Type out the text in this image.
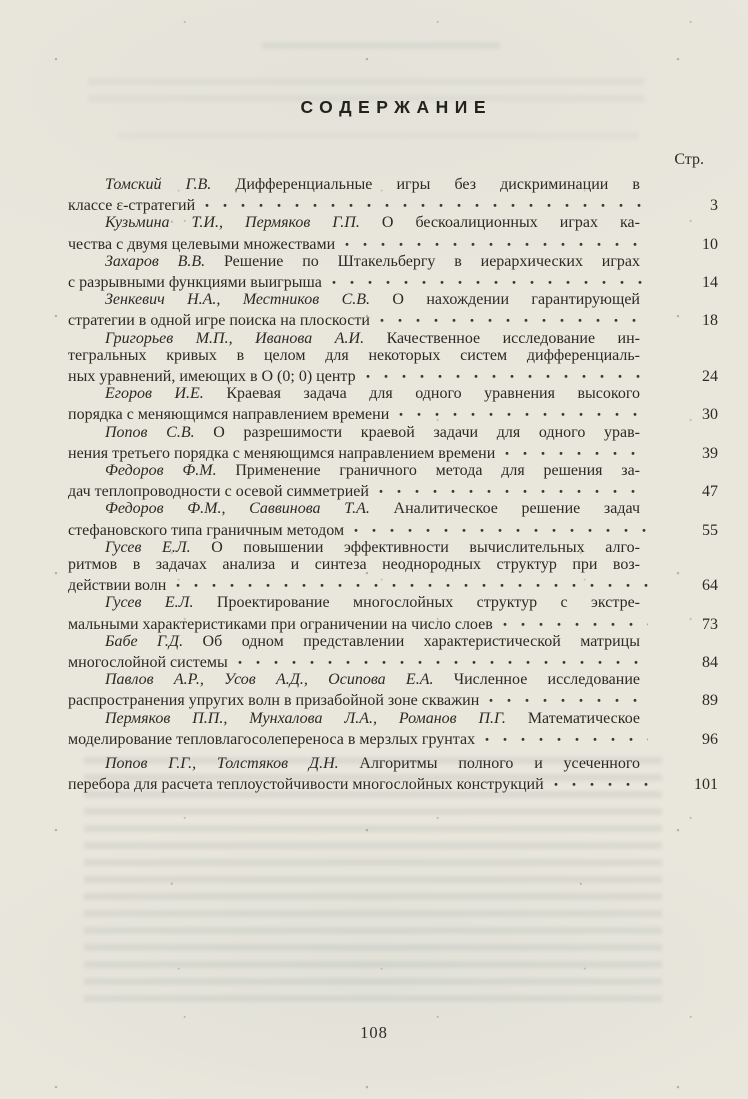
СОДЕРЖАНИЕ
Стр.
Томский Г.В. Дифференциальные игры без дискриминации в
классе ε-стратегий	3
Кузьмина Т.И., Пермяков Г.П. О бескоалиционных играх ка-
чества с двумя целевыми множествами	10
Захаров В.В. Решение по Штакельбергу в иерархических играх
с разрывными функциями выигрыша	14
Зенкевич Н.А., Местников С.В. О нахождении гарантирующей
стратегии в одной игре поиска на плоскости	18
Григорьев М.П., Иванова А.И. Качественное исследование ин-
тегральных кривых в целом для некоторых систем дифференциаль-
ных уравнений, имеющих в О (0; 0) центр	24
Егоров И.Е. Краевая задача для одного уравнения высокого
порядка с меняющимся направлением времени	30
Попов С.В. О разрешимости краевой задачи для одного урав-
нения третьего порядка с меняющимся направлением времени	39
Федоров Ф.М. Применение граничного метода для решения за-
дач теплопроводности с осевой симметрией	47
Федоров Ф.М., Саввинова Т.А. Аналитическое решение задач
стефановского типа граничным методом	55
Гусев Е.Л. О повышении эффективности вычислительных алго-
ритмов в задачах анализа и синтеза неоднородных структур при воз-
действии волн	64
Гусев Е.Л. Проектирование многослойных структур с экстре-
мальными характеристиками при ограничении на число слоев	73
Бабе Г.Д. Об одном представлении характеристической матрицы
многослойной системы	84
Павлов А.Р., Усов А.Д., Осипова Е.А. Численное исследование
распространения упругих волн в призабойной зоне скважин	89
Пермяков П.П., Мунхалова Л.А., Романов П.Г. Математическое
моделирование тепловлагосолепереноса в мерзлых грунтах	96
Попов Г.Г., Толстяков Д.Н. Алгоритмы полного и усеченного
перебора для расчета теплоустойчивости многослойных конструкций	101
108
